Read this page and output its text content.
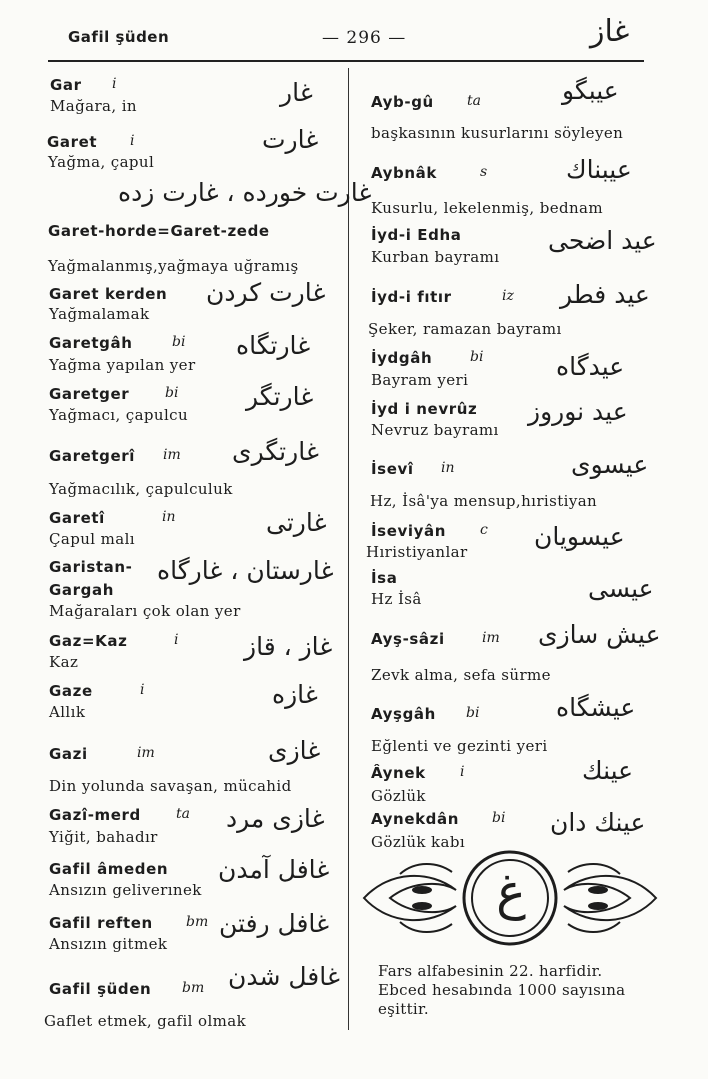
Gafil şüden	— 296 —	غاز
Gar i	غار
Mağara, in
Garet i	غارت
Yağma, çapul
غارت خورده ، غارت زده
Garet-horde=Garet-zede
Yağmalanmış,yağmaya uğramış
Garet kerden غارت كردن
Yağmalamak
Garetgâh	bi غارتگاه
Yağma yapılan yer
Garetger	bi	غارتگر
Yağmacı, çapulcu
Garetgerî im غارتگرى
Yağmacılık, çapulculuk
Garetî	in	غارتى
Çapul malı
Garistan- غارستان ، غارگاه
Gargah
Mağaraları çok olan yer
Gaz=Kaz	i	غاز ، قاز
Kaz
Gaze	i	غازه
Allık
Gazi	im	غازى
Din yolunda savaşan, mücahid
Gazî-merd	ta غازى مرد
Yiğit, bahadır
Gafil âmeden غافل آمدن
Ansızın geliverınek
Gafil reften bm غافل رفتن
Ansızın gitmek
Gafil şüden bm غافل شدن
Gaflet etmek, gafil olmak
Ayb-gû ta	عيبگو
başkasının kusurlarını söyleyen
Aybnâk	s	عيبناك
Kusurlu, lekelenmiş, bednam
İyd-i Edha	عيد اضحى
Kurban bayramı
İyd-i fıtır	iz عيد فطر
Şeker, ramazan bayramı
İydgâh	bi	عيدگاه
Bayram yeri
İyd i nevrûz عيد نوروز
Nevruz bayramı
İsevî in	عيسوى
Hz, İsâ'ya mensup,hıristiyan
İseviyân c عيسويان
Hıristiyanlar
İsa	عيسى
Hz İsâ
Ayş-sâzi	im عيش سازى
Zevk alma, sefa sürme
Ayşgâh bi	عيشگاه
Eğlenti ve gezinti yeri
Âynek i	عينك
Gözlük
Aynekdân bi عينك دان
Gözlük kabı
غ
Fars alfabesinin 22. harfidir. Ebced hesabında 1000 sayısına eşittir.
